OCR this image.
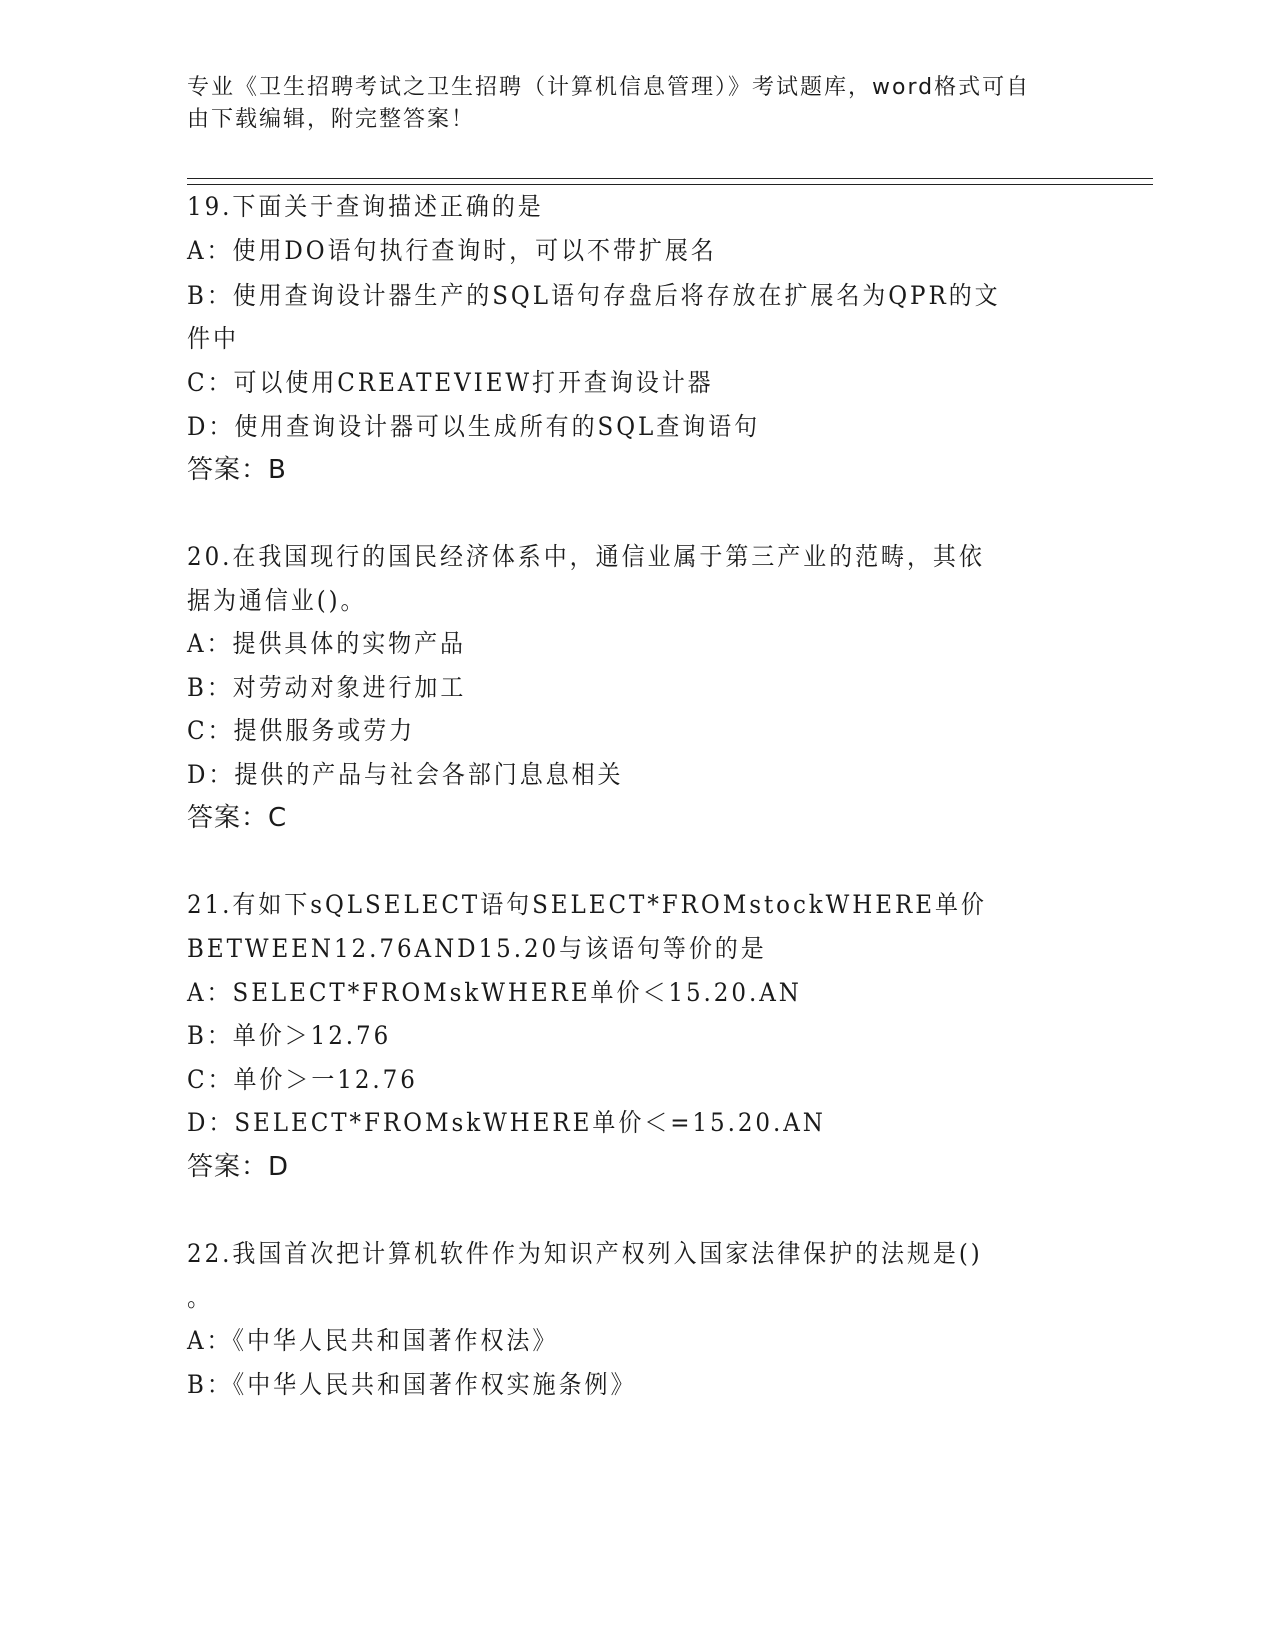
专业《卫生招聘考试之卫生招聘（计算机信息管理）》考试题库，word格式可自
由下载编辑，附完整答案！
19.下面关于查询描述正确的是
A：使用DO语句执行查询时，可以不带扩展名
B：使用查询设计器生产的SQL语句存盘后将存放在扩展名为QPR的文
件中
C：可以使用CREATEVIEW打开查询设计器
D：使用查询设计器可以生成所有的SQL查询语句
答案：B
20.在我国现行的国民经济体系中，通信业属于第三产业的范畴，其依
据为通信业()。
A：提供具体的实物产品
B：对劳动对象进行加工
C：提供服务或劳力
D：提供的产品与社会各部门息息相关
答案：C
21.有如下sQLSELECT语句SELECT*FROMstockWHERE单价
BETWEEN12.76AND15.20与该语句等价的是
A：SELECT*FROMskWHERE单价＜15.20.AN
B：单价＞12.76
C：单价＞一12.76
D：SELECT*FROMskWHERE单价＜=15.20.AN
答案：D
22.我国首次把计算机软件作为知识产权列入国家法律保护的法规是()
。
A：《中华人民共和国著作权法》
B：《中华人民共和国著作权实施条例》
